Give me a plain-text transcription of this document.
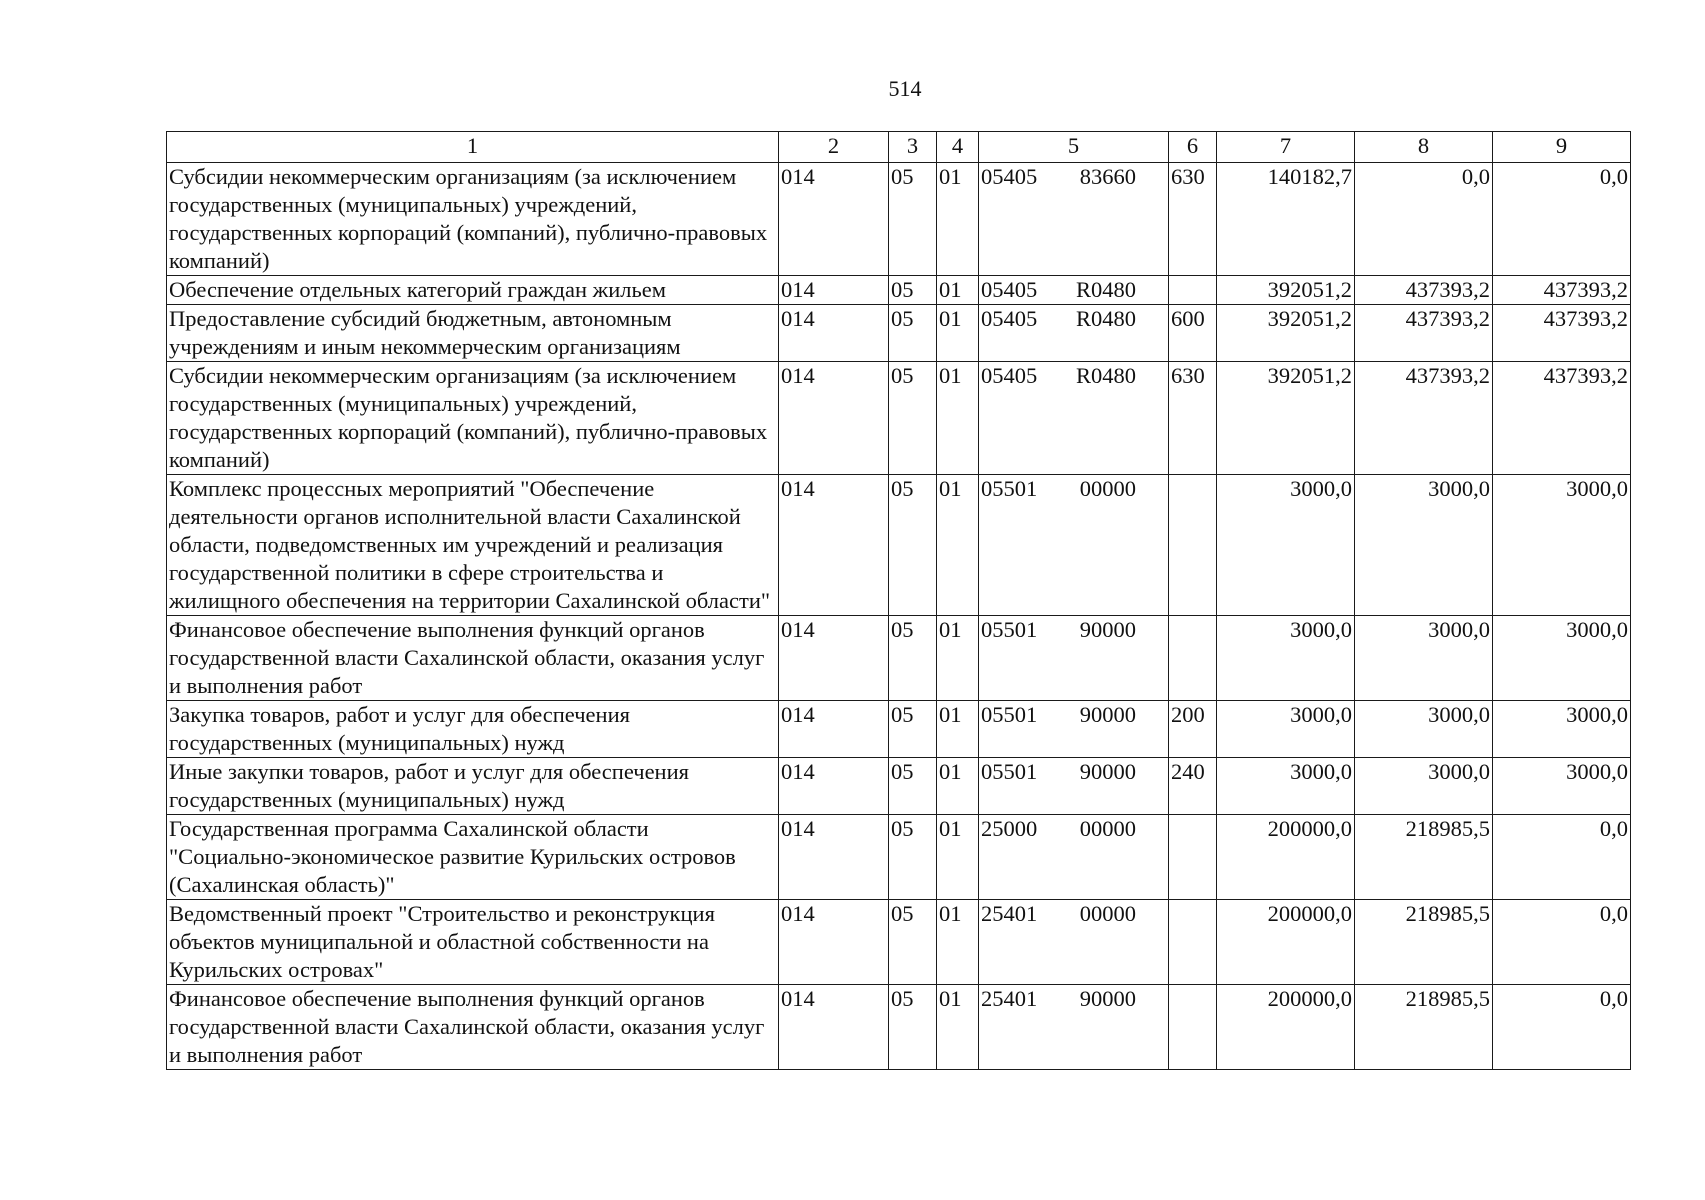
514
1	2	3	4	5	6	7	8	9
Субсидии некоммерческим организациям (за исключением государственных (муниципальных) учреждений, государственных корпораций (компаний), публично-правовых компаний)	014	05	01	05405 83660	630	140182,7	0,0	0,0
Обеспечение отдельных категорий граждан жильем	014	05	01	05405 R0480		392051,2	437393,2	437393,2
Предоставление субсидий бюджетным, автономным учреждениям и иным некоммерческим организациям	014	05	01	05405 R0480	600	392051,2	437393,2	437393,2
Субсидии некоммерческим организациям (за исключением государственных (муниципальных) учреждений, государственных корпораций (компаний), публично-правовых компаний)	014	05	01	05405 R0480	630	392051,2	437393,2	437393,2
Комплекс процессных мероприятий "Обеспечение деятельности органов исполнительной власти Сахалинской области, подведомственных им учреждений и реализация государственной политики в сфере строительства и жилищного обеспечения на территории Сахалинской области"	014	05	01	05501 00000		3000,0	3000,0	3000,0
Финансовое обеспечение выполнения функций органов государственной власти Сахалинской области, оказания услуг и выполнения работ	014	05	01	05501 90000		3000,0	3000,0	3000,0
Закупка товаров, работ и услуг для обеспечения государственных (муниципальных) нужд	014	05	01	05501 90000	200	3000,0	3000,0	3000,0
Иные закупки товаров, работ и услуг для обеспечения государственных (муниципальных) нужд	014	05	01	05501 90000	240	3000,0	3000,0	3000,0
Государственная программа Сахалинской области "Социально-экономическое развитие Курильских островов (Сахалинская область)"	014	05	01	25000 00000		200000,0	218985,5	0,0
Ведомственный проект "Строительство и реконструкция объектов муниципальной и областной собственности на Курильских островах"	014	05	01	25401 00000		200000,0	218985,5	0,0
Финансовое обеспечение выполнения функций органов государственной власти Сахалинской области, оказания услуг и выполнения работ	014	05	01	25401 90000		200000,0	218985,5	0,0
